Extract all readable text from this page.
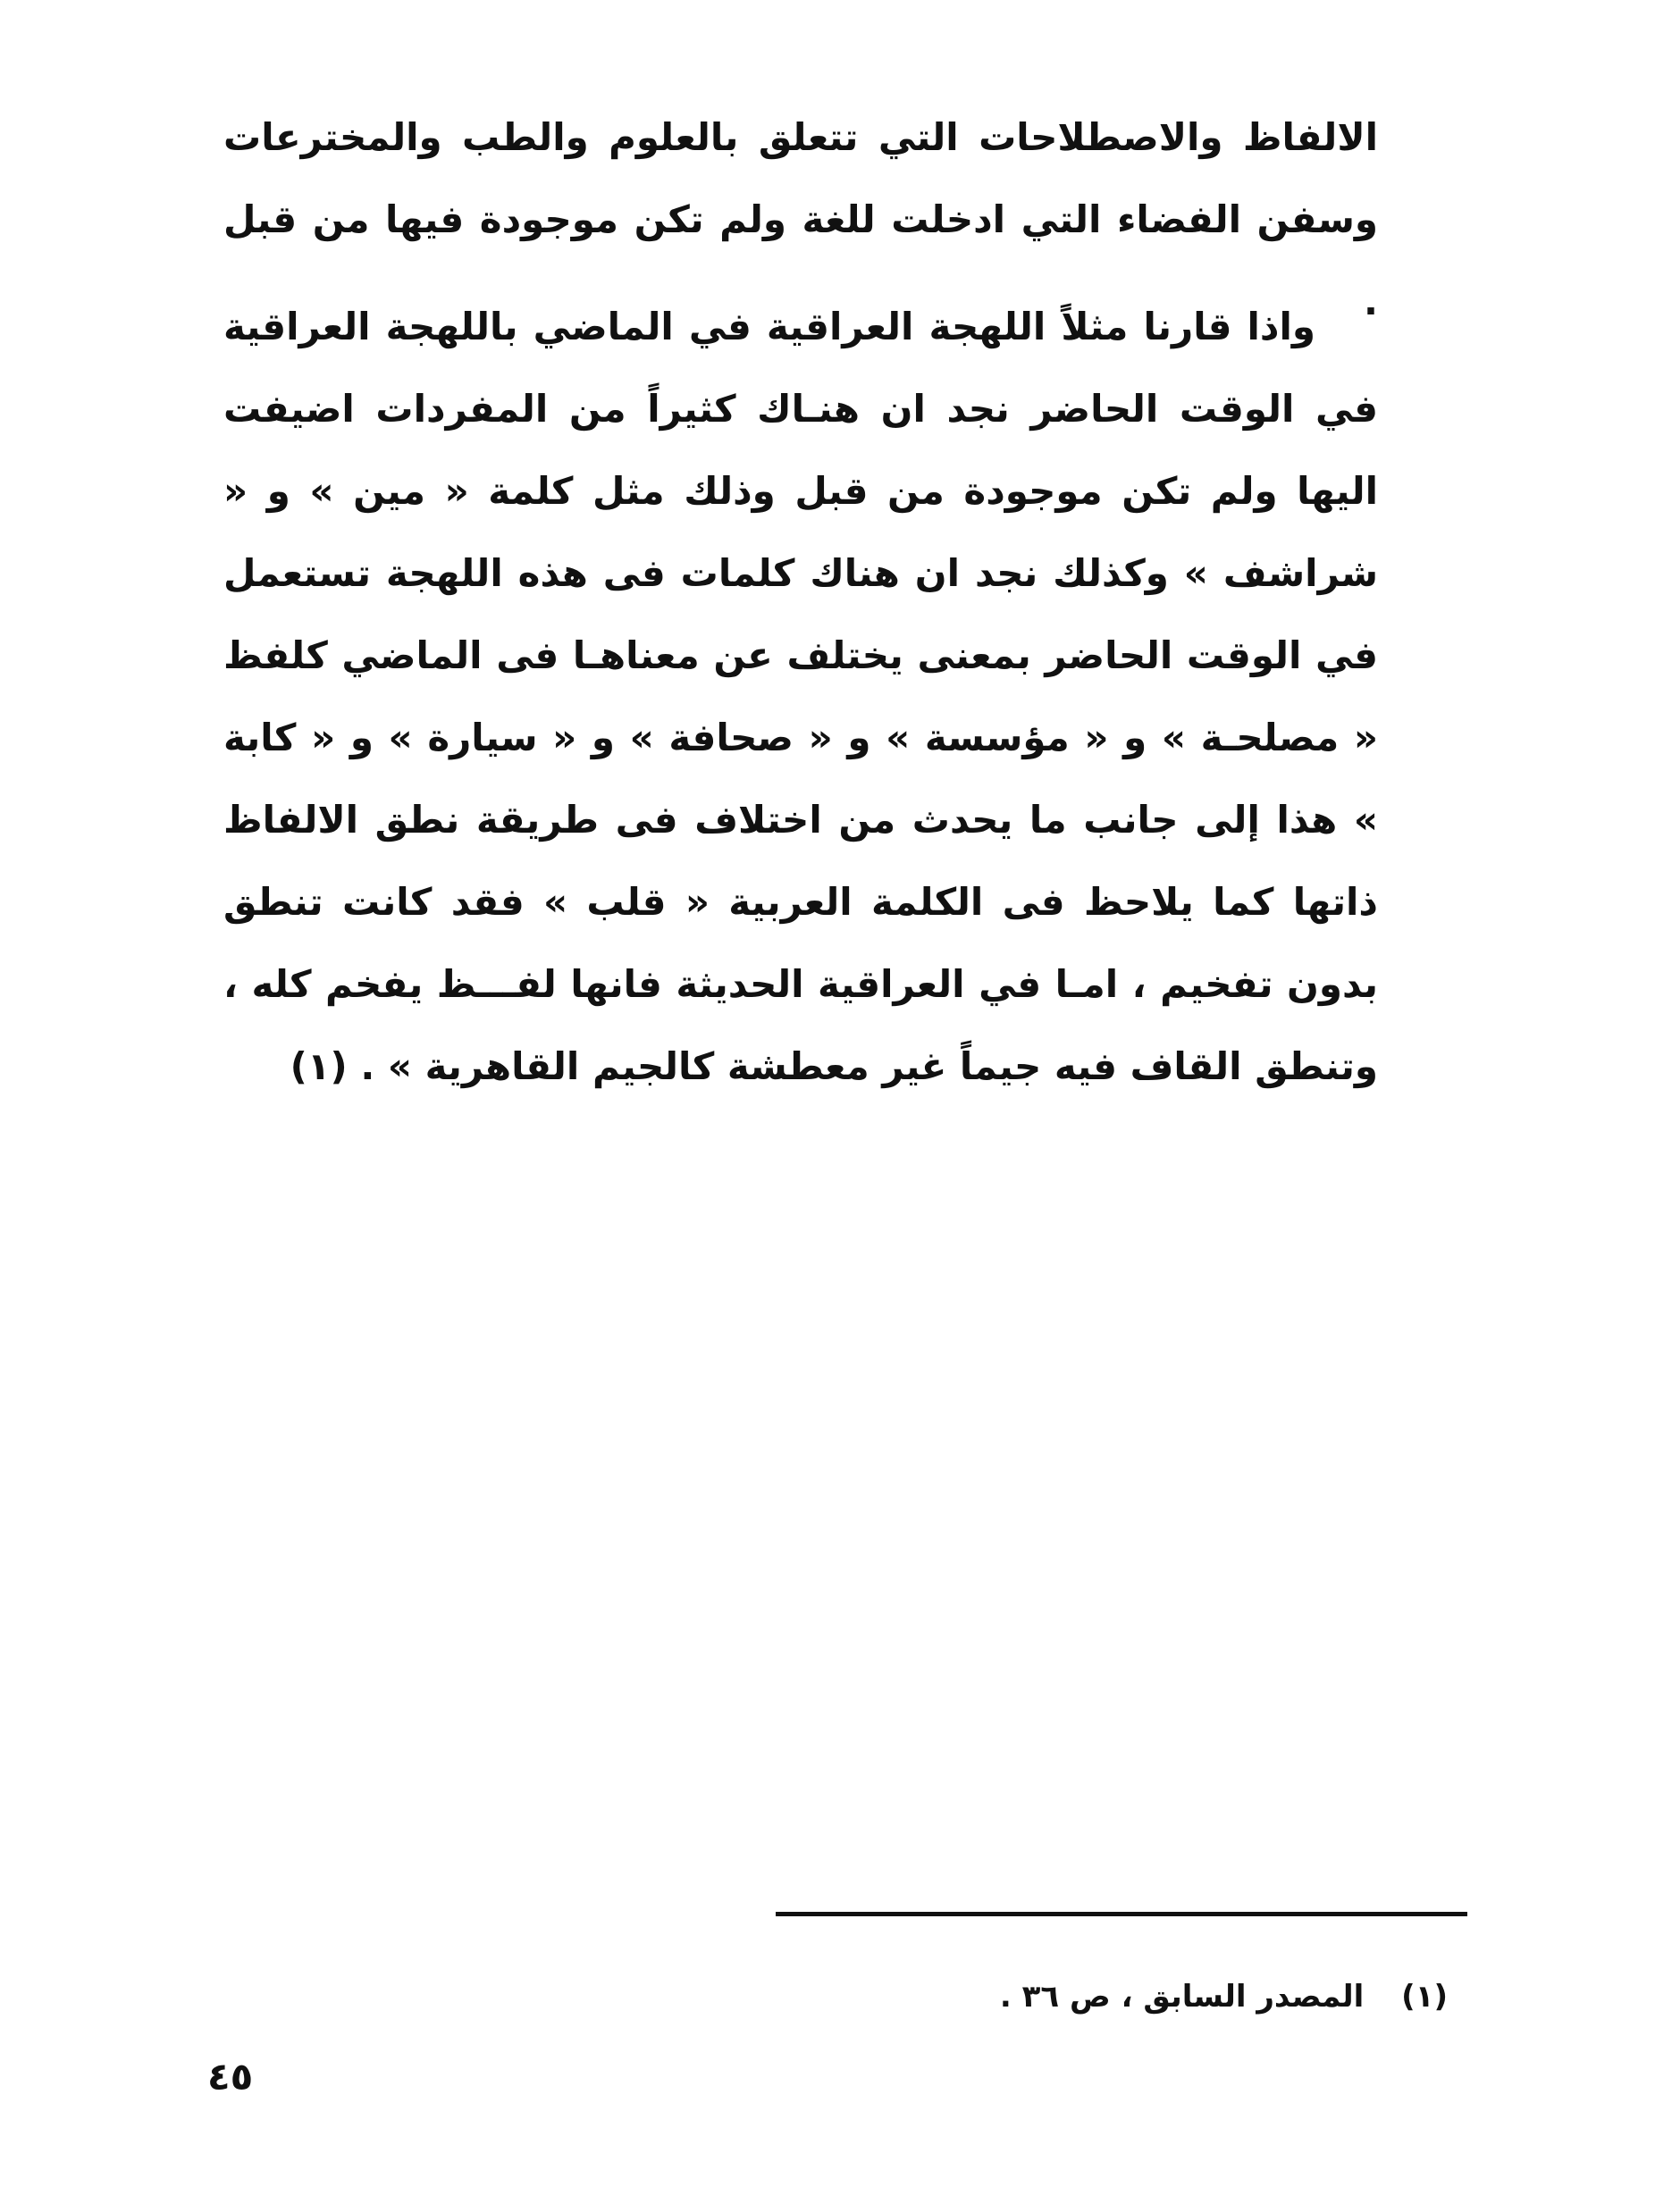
الالفاظ والاصطلاحات التي تتعلق بالعلوم والطب والمخترعات وسفن الفضاء التي ادخلت للغة ولم تكن موجودة فيها من قبل .

واذا قارنا مثلاً اللهجة العراقية في الماضي باللهجة العراقية في الوقت الحاضر نجد ان هنـاك كثيراً من المفردات اضيفت اليها ولم تكن موجودة من قبل وذلك مثل كلمة « مين » و « شراشف » وكذلك نجد ان هناك كلمات فى هذه اللهجة تستعمل في الوقت الحاضر بمعنى يختلف عن معناهـا فى الماضي كلفظ « مصلحـة » و « مؤسسة » و « صحافة » و « سيارة » و « كابة » هذا إلى جانب ما يحدث من اختلاف فى طريقة نطق الالفاظ ذاتها كما يلاحظ فى الكلمة العربية « قلب » فقد كانت تنطق بدون تفخيم ، امـا في العراقية الحديثة فانها لفـــظ يفخم كله ، وتنطق القاف فيه جيماً غير معطشة كالجيم القاهرية » . (١)

(١) المصدر السابق ، ص ٣٦ .
٤٥
